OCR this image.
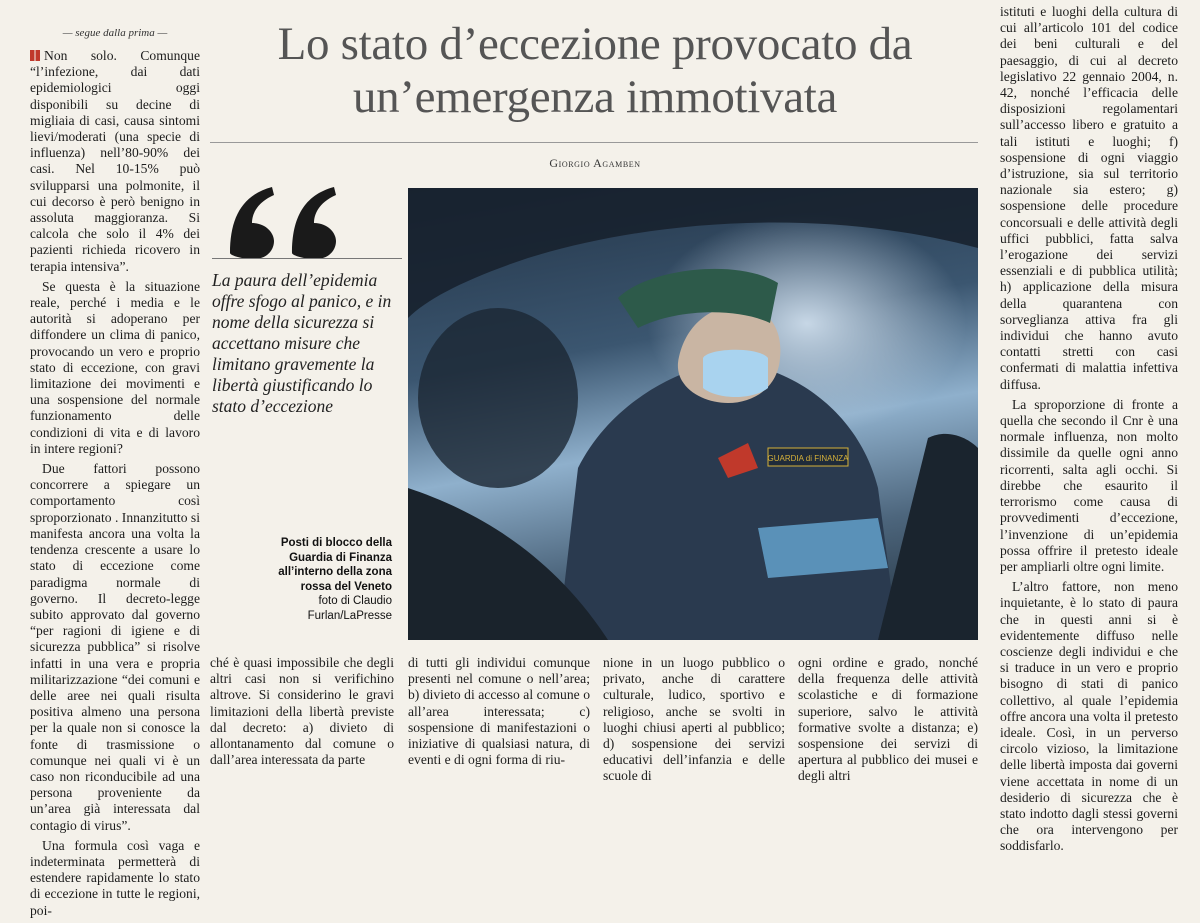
— segue dalla prima —

Non solo. Comunque “l’infezione, dai dati epidemiologici oggi disponibili su decine di migliaia di casi, causa sintomi lievi/moderati (una specie di influenza) nell’80-90% dei casi. Nel 10-15% può svilupparsi una polmonite, il cui decorso è però benigno in assoluta maggioranza. Si calcola che solo il 4% dei pazienti richieda ricovero in terapia intensiva”.

Se questa è la situazione reale, perché i media e le autorità si adoperano per diffondere un clima di panico, provocando un vero e proprio stato di eccezione, con gravi limitazione dei movimenti e una sospensione del normale funzionamento delle condizioni di vita e di lavoro in intere regioni?

Due fattori possono concorrere a spiegare un comportamento così sproporzionato . Innanzitutto si manifesta ancora una volta la tendenza crescente a usare lo stato di eccezione come paradigma normale di governo. Il decreto-legge subito approvato dal governo “per ragioni di igiene e di sicurezza pubblica” si risolve infatti in una vera e propria militarizzazione “dei comuni e delle aree nei quali risulta positiva almeno una persona per la quale non si conosce la fonte di trasmissione o comunque nei quali vi è un caso non riconducibile ad una persona proveniente da un’area già interessata dal contagio di virus”.

Una formula così vaga e indeterminata permetterà di estendere rapidamente lo stato di eccezione in tutte le regioni, poi-

Lo stato d’eccezione provocato da un’emergenza immotivata
Giorgio Agamben
La paura dell’epidemia offre sfogo al panico, e in nome della sicurezza si accettano misure che limitano gravemente la libertà giustificando lo stato d’eccezione
GUARDIA di FINANZA
Posti di blocco della Guardia di Finanza all’interno della zona rossa del Veneto
foto di Claudio Furlan/LaPresse

ché è quasi impossibile che degli altri casi non si verifichino altrove. Si considerino le gravi limitazioni della libertà previste dal decreto: a) divieto di allontanamento dal comune o dall’area interessata da parte

di tutti gli individui comunque presenti nel comune o nell’area; b) divieto di accesso al comune o all’area interessata; c) sospensione di manifestazioni o iniziative di qualsiasi natura, di eventi e di ogni forma di riu-

nione in un luogo pubblico o privato, anche di carattere culturale, ludico, sportivo e religioso, anche se svolti in luoghi chiusi aperti al pubblico; d) sospensione dei servizi educativi dell’infanzia e delle scuole di

ogni ordine e grado, nonché della frequenza delle attività scolastiche e di formazione superiore, salvo le attività formative svolte a distanza; e) sospensione dei servizi di apertura al pubblico dei musei e degli altri

istituti e luoghi della cultura di cui all’articolo 101 del codice dei beni culturali e del paesaggio, di cui al decreto legislativo 22 gennaio 2004, n. 42, nonché l’efficacia delle disposizioni regolamentari sull’accesso libero e gratuito a tali istituti e luoghi; f) sospensione di ogni viaggio d’istruzione, sia sul territorio nazionale sia estero; g) sospensione delle procedure concorsuali e delle attività degli uffici pubblici, fatta salva l’erogazione dei servizi essenziali e di pubblica utilità; h) applicazione della misura della quarantena con sorveglianza attiva fra gli individui che hanno avuto contatti stretti con casi confermati di malattia infettiva diffusa.

La sproporzione di fronte a quella che secondo il Cnr è una normale influenza, non molto dissimile da quelle ogni anno ricorrenti, salta agli occhi. Si direbbe che esaurito il terrorismo come causa di provvedimenti d’eccezione, l’invenzione di un’epidemia possa offrire il pretesto ideale per ampliarli oltre ogni limite.

L’altro fattore, non meno inquietante, è lo stato di paura che in questi anni si è evidentemente diffuso nelle coscienze degli individui e che si traduce in un vero e proprio bisogno di stati di panico collettivo, al quale l’epidemia offre ancora una volta il pretesto ideale. Così, in un perverso circolo vizioso, la limitazione delle libertà imposta dai governi viene accettata in nome di un desiderio di sicurezza che è stato indotto dagli stessi governi che ora intervengono per soddisfarlo.
